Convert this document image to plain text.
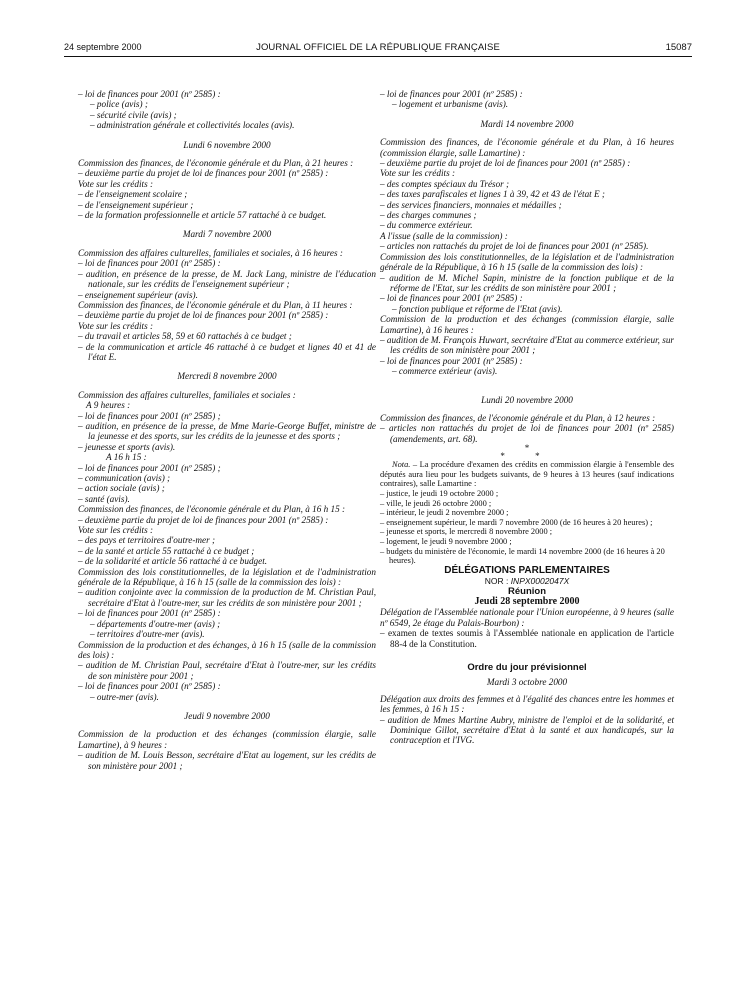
24 septembre 2000	JOURNAL OFFICIEL DE LA RÉPUBLIQUE FRANÇAISE	15087

– loi de finances pour 2001 (nº 2585) :

– police (avis) ;

– sécurité civile (avis) ;

– administration générale et collectivités locales (avis).

Lundi 6 novembre 2000

Commission des finances, de l'économie générale et du Plan, à 21 heures :

– deuxième partie du projet de loi de finances pour 2001 (nº 2585) :

Vote sur les crédits :

– de l'enseignement scolaire ;

– de l'enseignement supérieur ;

– de la formation professionnelle et article 57 rattaché à ce budget.

Mardi 7 novembre 2000

Commission des affaires culturelles, familiales et sociales, à 16 heures :

– loi de finances pour 2001 (nº 2585) :

– audition, en présence de la presse, de M. Jack Lang, ministre de l'éducation nationale, sur les crédits de l'enseignement supérieur ;

– enseignement supérieur (avis).

Commission des finances, de l'économie générale et du Plan, à 11 heures :

– deuxième partie du projet de loi de finances pour 2001 (nº 2585) :

Vote sur les crédits :

– du travail et articles 58, 59 et 60 rattachés à ce budget ;

– de la communication et article 46 rattaché à ce budget et lignes 40 et 41 de l'état E.

Mercredi 8 novembre 2000

Commission des affaires culturelles, familiales et sociales :

A 9 heures :

– loi de finances pour 2001 (nº 2585) ;

– audition, en présence de la presse, de Mme Marie-George Buffet, ministre de la jeunesse et des sports, sur les crédits de la jeunesse et des sports ;

– jeunesse et sports (avis).

A 16 h 15 :

– loi de finances pour 2001 (nº 2585) ;

– communication (avis) ;

– action sociale (avis) ;

– santé (avis).

Commission des finances, de l'économie générale et du Plan, à 16 h 15 :

– deuxième partie du projet de loi de finances pour 2001 (nº 2585) :

Vote sur les crédits :

– des pays et territoires d'outre-mer ;

– de la santé et article 55 rattaché à ce budget ;

– de la solidarité et article 56 rattaché à ce budget.

Commission des lois constitutionnelles, de la législation et de l'administration générale de la République, à 16 h 15 (salle de la commission des lois) :

– audition conjointe avec la commission de la production de M. Christian Paul, secrétaire d'Etat à l'outre-mer, sur les crédits de son ministère pour 2001 ;

– loi de finances pour 2001 (nº 2585) :

– départements d'outre-mer (avis) ;

– territoires d'outre-mer (avis).

Commission de la production et des échanges, à 16 h 15 (salle de la commission des lois) :

– audition de M. Christian Paul, secrétaire d'Etat à l'outre-mer, sur les crédits de son ministère pour 2001 ;

– loi de finances pour 2001 (nº 2585) :

– outre-mer (avis).

Jeudi 9 novembre 2000

Commission de la production et des échanges (commission élargie, salle Lamartine), à 9 heures :

– audition de M. Louis Besson, secrétaire d'Etat au logement, sur les crédits de son ministère pour 2001 ;

– loi de finances pour 2001 (nº 2585) :

– logement et urbanisme (avis).

Mardi 14 novembre 2000

Commission des finances, de l'économie générale et du Plan, à 16 heures (commission élargie, salle Lamartine) :

– deuxième partie du projet de loi de finances pour 2001 (nº 2585) :

Vote sur les crédits :

– des comptes spéciaux du Trésor ;

– des taxes parafiscales et lignes 1 à 39, 42 et 43 de l'état E ;

– des services financiers, monnaies et médailles ;

– des charges communes ;

– du commerce extérieur.

A l'issue (salle de la commission) :

– articles non rattachés du projet de loi de finances pour 2001 (nº 2585).

Commission des lois constitutionnelles, de la législation et de l'administration générale de la République, à 16 h 15 (salle de la commission des lois) :

– audition de M. Michel Sapin, ministre de la fonction publique et de la réforme de l'Etat, sur les crédits de son ministère pour 2001 ;

– loi de finances pour 2001 (nº 2585) :

– fonction publique et réforme de l'Etat (avis).

Commission de la production et des échanges (commission élargie, salle Lamartine), à 16 heures :

– audition de M. François Huwart, secrétaire d'Etat au commerce extérieur, sur les crédits de son ministère pour 2001 ;

– loi de finances pour 2001 (nº 2585) :

– commerce extérieur (avis).

Lundi 20 novembre 2000

Commission des finances, de l'économie générale et du Plan, à 12 heures :

– articles non rattachés du projet de loi de finances pour 2001 (nº 2585) (amendements, art. 68).

*

* *

Nota. – La procédure d'examen des crédits en commission élargie à l'ensemble des députés aura lieu pour les budgets suivants, de 9 heures à 13 heures (sauf indications contraires), salle Lamartine :

– justice, le jeudi 19 octobre 2000 ;

– ville, le jeudi 26 octobre 2000 ;

– intérieur, le jeudi 2 novembre 2000 ;

– enseignement supérieur, le mardi 7 novembre 2000 (de 16 heures à 20 heures) ;

– jeunesse et sports, le mercredi 8 novembre 2000 ;

– logement, le jeudi 9 novembre 2000 ;

– budgets du ministère de l'économie, le mardi 14 novembre 2000 (de 16 heures à 20 heures).

DÉLÉGATIONS PARLEMENTAIRES

NOR : INPX0002047X

Réunion

Jeudi 28 septembre 2000

Délégation de l'Assemblée nationale pour l'Union européenne, à 9 heures (salle nº 6549, 2e étage du Palais-Bourbon) :

– examen de textes soumis à l'Assemblée nationale en application de l'article 88-4 de la Constitution.

Ordre du jour prévisionnel

Mardi 3 octobre 2000

Délégation aux droits des femmes et à l'égalité des chances entre les hommes et les femmes, à 16 h 15 :

– audition de Mmes Martine Aubry, ministre de l'emploi et de la solidarité, et Dominique Gillot, secrétaire d'Etat à la santé et aux handicapés, sur la contraception et l'IVG.
